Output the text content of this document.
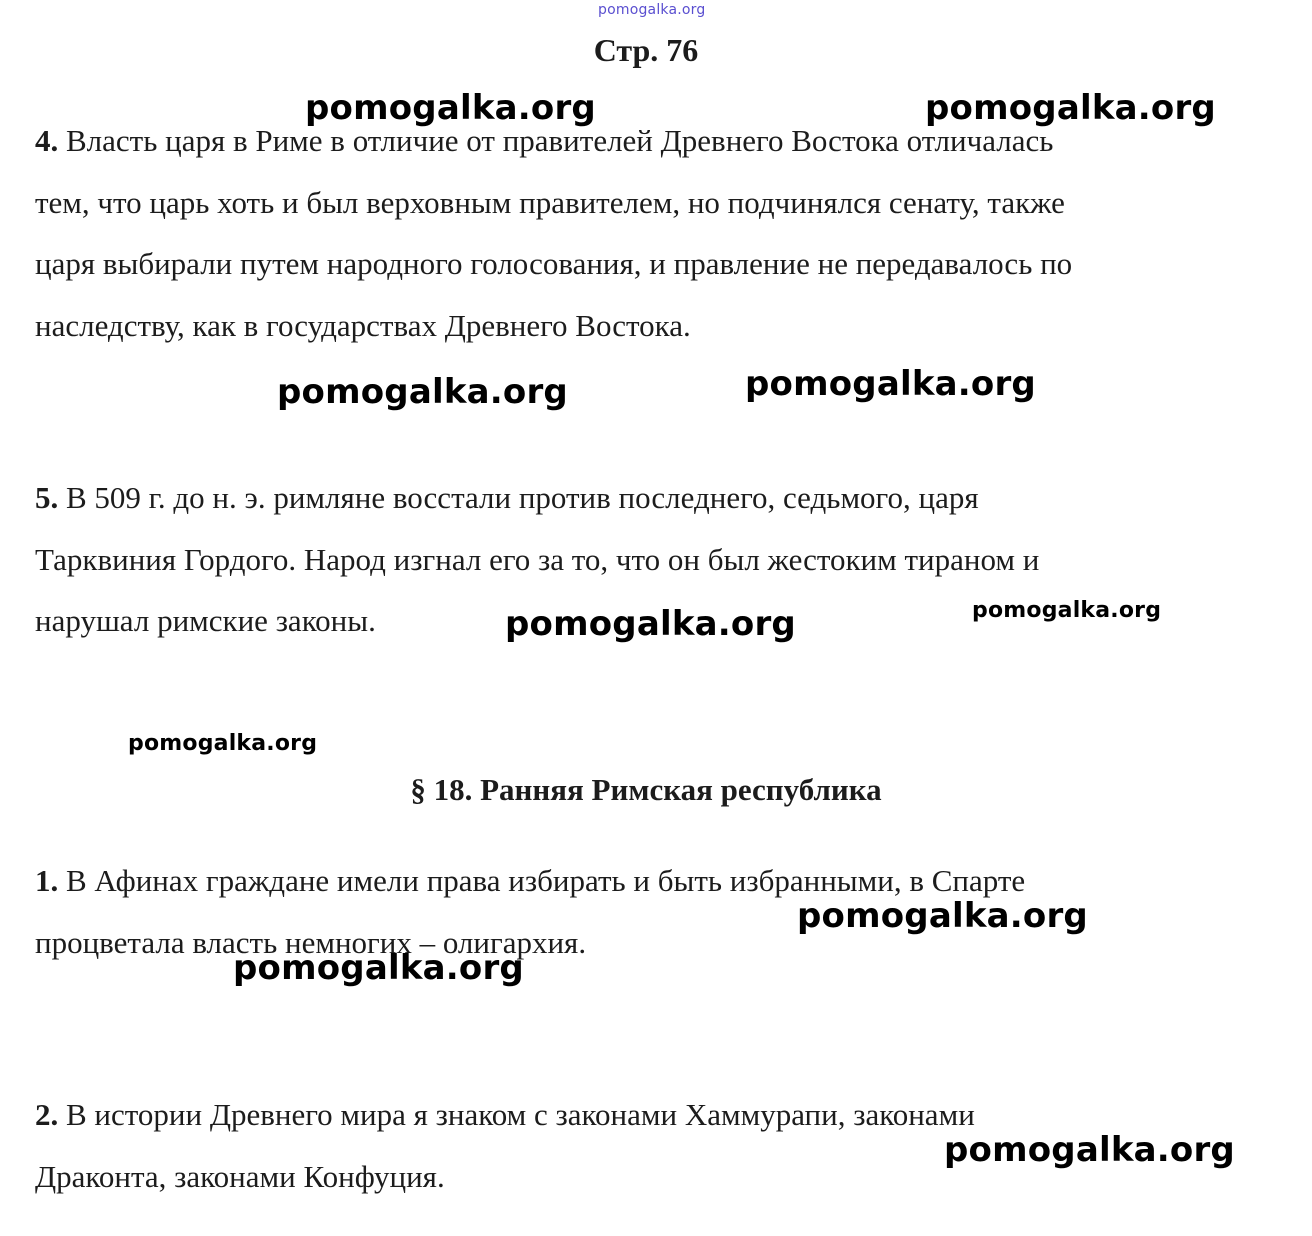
pomogalka.org
Стр. 76
4. Власть царя в Риме в отличие от правителей Древнего Востока отличалась
тем, что царь хоть и был верховным правителем, но подчинялся сенату, также
царя выбирали путем народного голосования, и правление не передавалось по
наследству, как в государствах Древнего Востока.
5. В 509 г. до н. э. римляне восстали против последнего, седьмого, царя
Тарквиния Гордого. Народ изгнал его за то, что он был жестоким тираном и
нарушал римские законы.
§ 18. Ранняя Римская республика
1. В Афинах граждане имели права избирать и быть избранными, в Спарте
процветала власть немногих – олигархия.
2. В истории Древнего мира я знаком с законами Хаммурапи, законами
Драконта, законами Конфуция.
pomogalka.org	pomogalka.org
pomogalka.org	pomogalka.org
pomogalka.org	pomogalka.org
pomogalka.org
pomogalka.org
pomogalka.org
pomogalka.org
